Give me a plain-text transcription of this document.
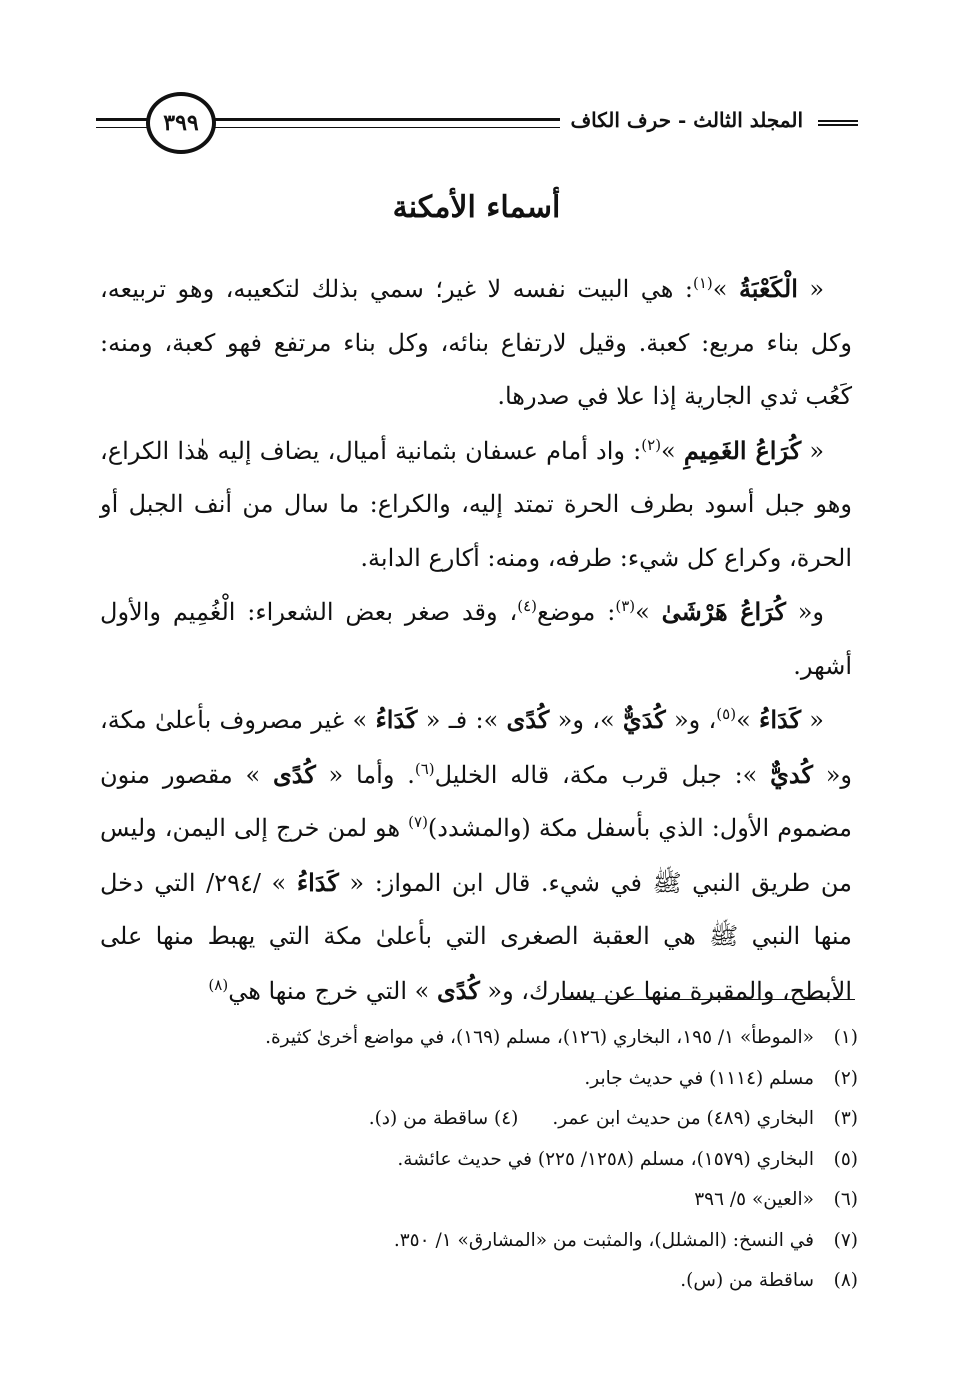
المجلد الثالث - حرف الكاف
٣٩٩
أسماء الأمكنة

« الْكَعْبَةُ »$^{(١)}$: هي البيت نفسه لا غير؛ سمي بذلك لتكعيبه، وهو تربيعه، وكل بناء مربع: كعبة. وقيل لارتفاع بنائه، وكل بناء مرتفع فهو كعبة، ومنه: كَعُب ثدي الجارية إذا علا في صدرها.

« كُرَاعُ الغَمِيمِ »$^{(٢)}$: واد أمام عسفان بثمانية أميال، يضاف إليه هٰذا الكراع، وهو جبل أسود بطرف الحرة تمتد إليه، والكراع: ما سال من أنف الجبل أو الحرة، وكراع كل شيء: طرفه، ومنه: أكارع الدابة.

و« كُرَاعُ هَرْشَىٰ »$^{(٣)}$: موضع$^{(٤)}$، وقد صغر بعض الشعراء: الْغُمِيم والأول أشهر.

« كَدَاءُ »$^{(٥)}$، و« كُدَيٌّ »، و« كُدًى »: فـ « كَدَاءُ » غير مصروف بأعلىٰ مكة، و« كُديٌّ »: جبل قرب مكة، قاله الخليل$^{(٦)}$. وأما « كُدًى » مقصور منون مضموم الأول: الذي بأسفل مكة (والمشدد)$^{(٧)}$ هو لمن خرج إلى اليمن، وليس من طريق النبي ﷺ في شيء. قال ابن المواز: « كَدَاءُ » /٢٩٤/ التي دخل منها النبي ﷺ هي العقبة الصغرى التي بأعلىٰ مكة التي يهبط منها على الأبطح، والمقبرة منها عن يسارك، و« كُدًى » التي خرج منها هي$^{(٨)}$

(١)«الموطأ» ١/ ١٩٥، البخاري (١٢٦)، مسلم (١٦٩)، في مواضع أخرىٰ كثيرة.
(٢)مسلم (١١١٤) في حديث جابر.
(٣)البخاري (٤٨٩) من حديث ابن عمر.(٤) ساقطة من (د).
(٥)البخاري (١٥٧٩)، مسلم (١٢٥٨/ ٢٢٥) في حديث عائشة.
(٦)«العين» ٥/ ٣٩٦
(٧)في النسخ: (المشلل)، والمثبت من «المشارق» ١/ ٣٥٠.
(٨)ساقطة من (س).
